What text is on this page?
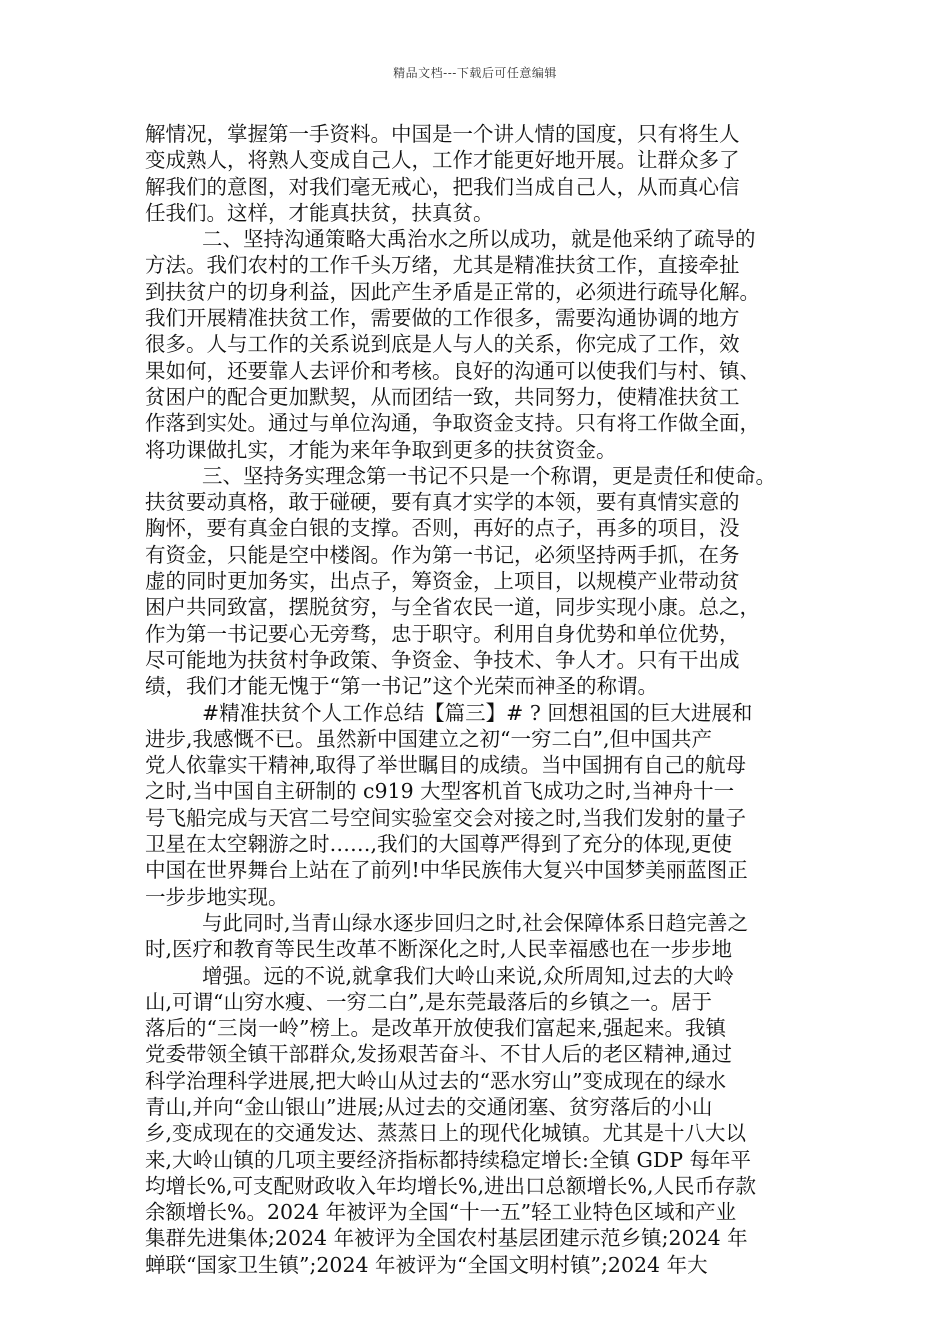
精品文档---下载后可任意编辑
解情况，掌握第一手资料。中国是一个讲人情的国度，只有将生人
变成熟人，将熟人变成自己人，工作才能更好地开展。让群众多了
解我们的意图，对我们毫无戒心，把我们当成自己人，从而真心信
任我们。这样，才能真扶贫，扶真贫。
二、坚持沟通策略大禹治水之所以成功，就是他采纳了疏导的
方法。我们农村的工作千头万绪，尤其是精准扶贫工作，直接牵扯
到扶贫户的切身利益，因此产生矛盾是正常的，必须进行疏导化解。
我们开展精准扶贫工作，需要做的工作很多，需要沟通协调的地方
很多。人与工作的关系说到底是人与人的关系，你完成了工作，效
果如何，还要靠人去评价和考核。良好的沟通可以使我们与村、镇、
贫困户的配合更加默契，从而团结一致，共同努力，使精准扶贫工
作落到实处。通过与单位沟通，争取资金支持。只有将工作做全面，
将功课做扎实，才能为来年争取到更多的扶贫资金。
三、坚持务实理念第一书记不只是一个称谓，更是责任和使命。
扶贫要动真格，敢于碰硬，要有真才实学的本领，要有真情实意的
胸怀，要有真金白银的支撑。否则，再好的点子，再多的项目，没
有资金，只能是空中楼阁。作为第一书记，必须坚持两手抓，在务
虚的同时更加务实，出点子，筹资金，上项目，以规模产业带动贫
困户共同致富，摆脱贫穷，与全省农民一道，同步实现小康。总之，
作为第一书记要心无旁骛，忠于职守。利用自身优势和单位优势，
尽可能地为扶贫村争政策、争资金、争技术、争人才。只有干出成
绩，我们才能无愧于“第一书记”这个光荣而神圣的称谓。
#精准扶贫个人工作总结【篇三】# ? 回想祖国的巨大进展和
进步,我感慨不已。虽然新中国建立之初“一穷二白”,但中国共产
党人依靠实干精神,取得了举世瞩目的成绩。当中国拥有自己的航母
之时,当中国自主研制的 c919 大型客机首飞成功之时,当神舟十一
号飞船完成与天宫二号空间实验室交会对接之时,当我们发射的量子
卫星在太空翱游之时……,我们的大国尊严得到了充分的体现,更使
中国在世界舞台上站在了前列!中华民族伟大复兴中国梦美丽蓝图正
一步步地实现。
与此同时,当青山绿水逐步回归之时,社会保障体系日趋完善之
时,医疗和教育等民生改革不断深化之时,人民幸福感也在一步步地
增强。远的不说,就拿我们大岭山来说,众所周知,过去的大岭
山,可谓“山穷水瘦、一穷二白”,是东莞最落后的乡镇之一。居于
落后的“三岗一岭”榜上。是改革开放使我们富起来,强起来。我镇
党委带领全镇干部群众,发扬艰苦奋斗、不甘人后的老区精神,通过
科学治理科学进展,把大岭山从过去的“恶水穷山”变成现在的绿水
青山,并向“金山银山”进展;从过去的交通闭塞、贫穷落后的小山
乡,变成现在的交通发达、蒸蒸日上的现代化城镇。尤其是十八大以
来,大岭山镇的几项主要经济指标都持续稳定增长:全镇 GDP 每年平
均增长%,可支配财政收入年均增长%,进出口总额增长%,人民币存款
余额增长%。2024 年被评为全国“十一五”轻工业特色区域和产业
集群先进集体;2024 年被评为全国农村基层团建示范乡镇;2024 年
蝉联“国家卫生镇”;2024 年被评为“全国文明村镇”;2024 年大
